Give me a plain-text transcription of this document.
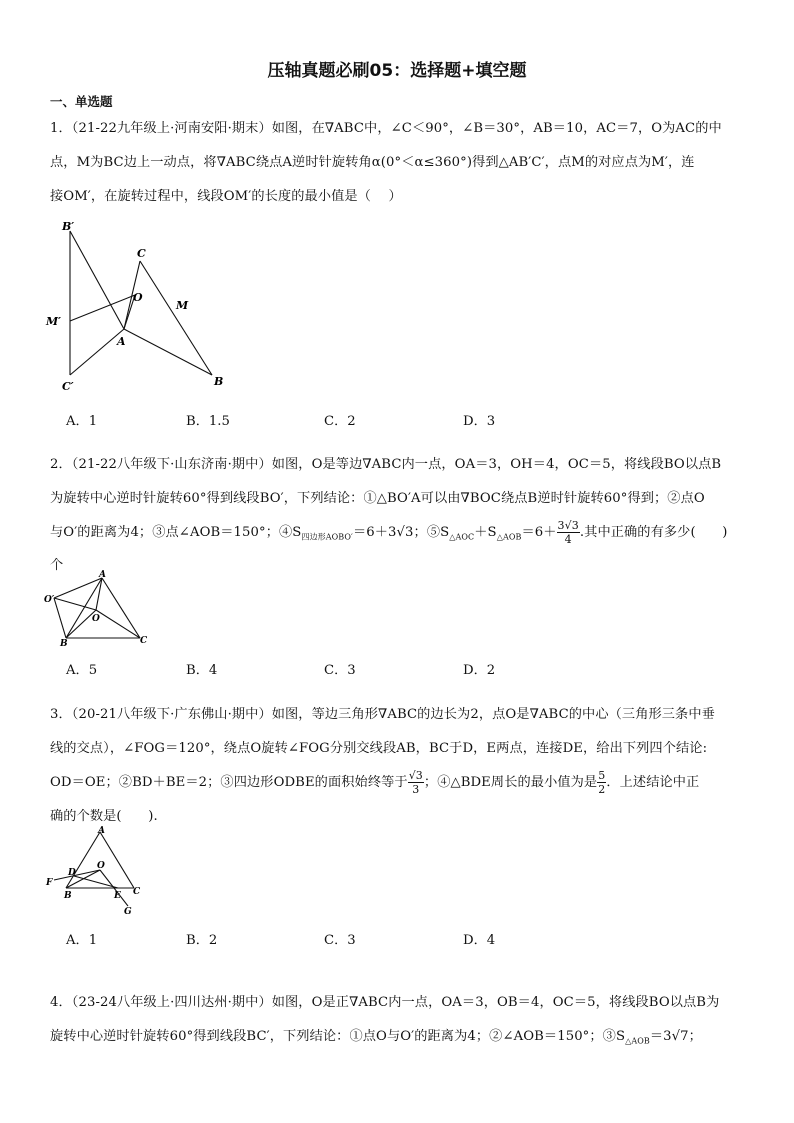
压轴真题必刷05：选择题+填空题
一、单选题
1．（21-22九年级上·河南安阳·期末）如图，在∇ABC中，∠C＜90°，∠B＝30°，AB＝10，AC＝7，O为AC的中
点，M为BC边上一动点，将∇ABC绕点A逆时针旋转角α(0°＜α≤360°)得到△AB′C′，点M的对应点为M′，连
接OM′，在旋转过程中，线段OM′的长度的最小值是（　 ）
B′
C
O
M
M′
A
C′	B
A．1	B．1.5	C．2	D．3
2．（21-22八年级下·山东济南·期中）如图，O是等边∇ABC内一点，OA＝3，OH＝4，OC＝5，将线段BO以点B
为旋转中心逆时针旋转60°得到线段BO′，下列结论：①△BO′A可以由∇BOC绕点B逆时针旋转60°得到；②点O
与O′的距离为4；③点∠AOB＝150°；$④S_{四边形AOBO'}=6+3√3$；$⑤S_{\triangle AOC}+S_{\triangle AOB}=6+ \frac{3√3}{4}$ .其中正确的有多少(　　)
个
A
O′
O
B	C
A．5	B．4	C．3	D．2
3．（20-21八年级下·广东佛山·期中）如图，等边三角形∇ABC的边长为2，点O是∇ABC的中心（三角形三条中垂
线的交点），∠FOG＝120°，绕点O旋转∠FOG分别交线段AB，BC于D，E两点，连接DE，给出下列四个结论:
OD＝OE；②BD＋BE＝2；③四边形ODBE的面积始终等于 $\frac{√3}{3}$ ；④△BDE周长的最小值为是 $\frac{5}{2}$ ．上述结论中正
确的个数是(　　).
A
O
D
F
B	E C
G
A．1	B．2	C．3	D．4
4．（23-24八年级上·四川达州·期中）如图，O是正∇ABC内一点，OA＝3，OB＝4，OC＝5，将线段BO以点B为
旋转中心逆时针旋转60°得到线段BC′，下列结论：①点O与O′的距离为4；②∠AOB＝150°；$③S_{\triangle AOB}=3√7$；
